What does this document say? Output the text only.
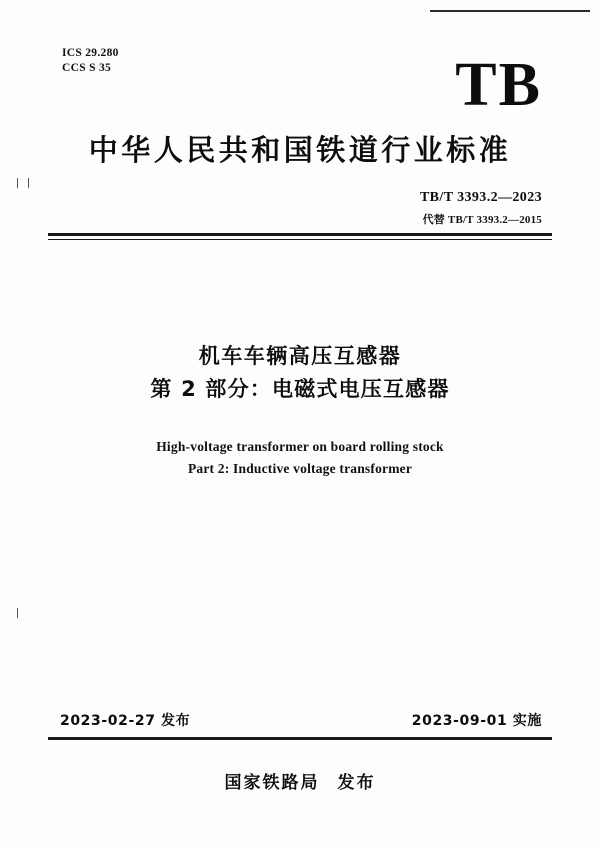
ICS 29.280
CCS S 35	TB
中华人民共和国铁道行业标准
TB/T 3393.2—2023
代替 TB/T 3393.2—2015
丨丨
丨
机车车辆高压互感器
第 2 部分：电磁式电压互感器
High-voltage transformer on board rolling stock
Part 2: Inductive voltage transformer
2023-02-27 发布	2023-09-01 实施
国家铁路局 发布
